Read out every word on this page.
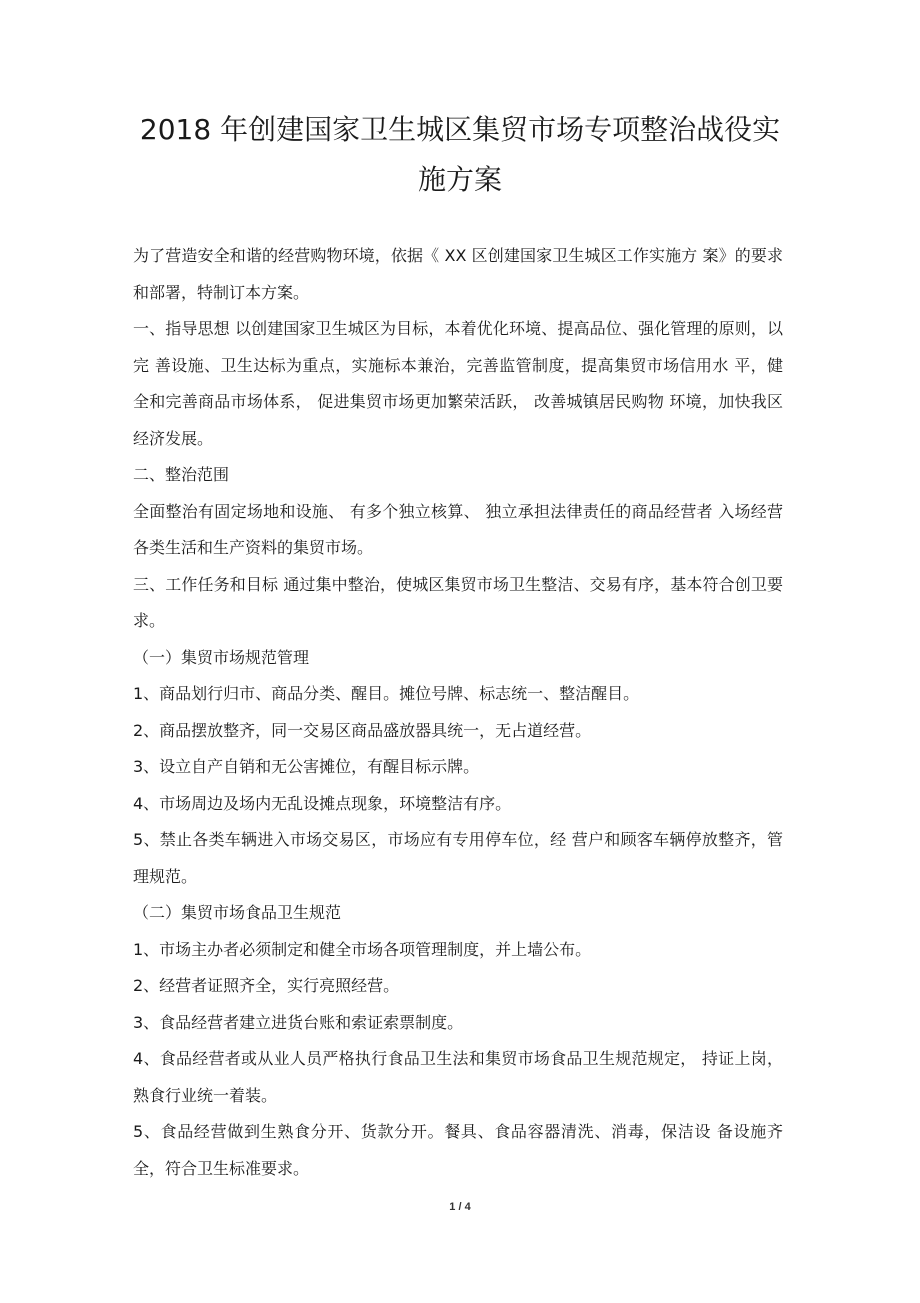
2018 年创建国家卫生城区集贸市场专项整治战役实
施方案

为了营造安全和谐的经营购物环境，依据《 XX 区创建国家卫生城区工作实施方 案》的要求和部署，特制订本方案。

一、指导思想 以创建国家卫生城区为目标，本着优化环境、提高品位、强化管理的原则，以完 善设施、卫生达标为重点，实施标本兼治，完善监管制度，提高集贸市场信用水 平，健全和完善商品市场体系， 促进集贸市场更加繁荣活跃， 改善城镇居民购物 环境，加快我区经济发展。

二、整治范围

全面整治有固定场地和设施、 有多个独立核算、 独立承担法律责任的商品经营者 入场经营各类生活和生产资料的集贸市场。

三、工作任务和目标 通过集中整治，使城区集贸市场卫生整洁、交易有序，基本符合创卫要求。

（一）集贸市场规范管理

1、商品划行归市、商品分类、醒目。摊位号牌、标志统一、整洁醒目。

2、商品摆放整齐，同一交易区商品盛放器具统一，无占道经营。

3、设立自产自销和无公害摊位，有醒目标示牌。

4、市场周边及场内无乱设摊点现象，环境整洁有序。

5、禁止各类车辆进入市场交易区，市场应有专用停车位，经 营户和顾客车辆停放整齐，管理规范。

（二）集贸市场食品卫生规范

1、市场主办者必须制定和健全市场各项管理制度，并上墙公布。

2、经营者证照齐全，实行亮照经营。

3、食品经营者建立进货台账和索证索票制度。

4、食品经营者或从业人员严格执行食品卫生法和集贸市场食品卫生规范规定， 持证上岗，熟食行业统一着装。

5、食品经营做到生熟食分开、货款分开。餐具、食品容器清洗、消毒，保洁设 备设施齐全，符合卫生标准要求。

1 / 4
